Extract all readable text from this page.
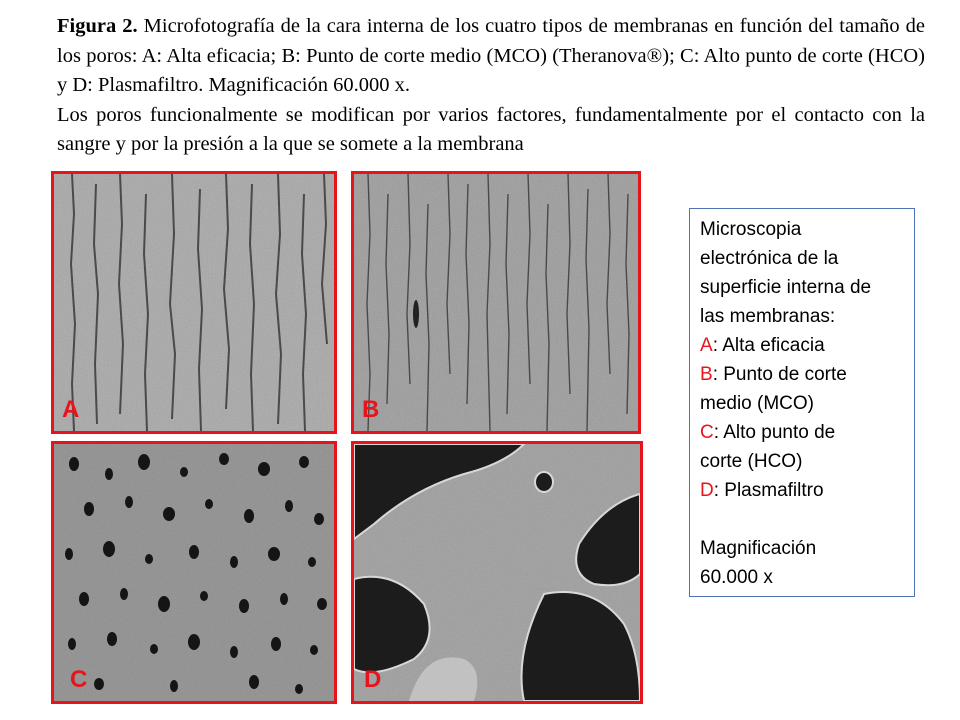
Figura 2. Microfotografía de la cara interna de los cuatro tipos de membranas en función del tamaño de los poros: A: Alta eficacia; B: Punto de corte medio (MCO) (Theranova®); C: Alto punto de corte (HCO) y D: Plasmafiltro. Magnificación 60.000 x.

Los poros funcionalmente se modifican por varios factores, fundamentalmente por el contacto con la sangre y por la presión a la que se somete a la membrana

A	B
C	D
Microscopia
electrónica de la
superficie interna de
las membranas:
A: Alta eficacia
B: Punto de corte
medio (MCO)
C: Alto punto de
corte (HCO)
D: Plasmafiltro
Magnificación
60.000 x
